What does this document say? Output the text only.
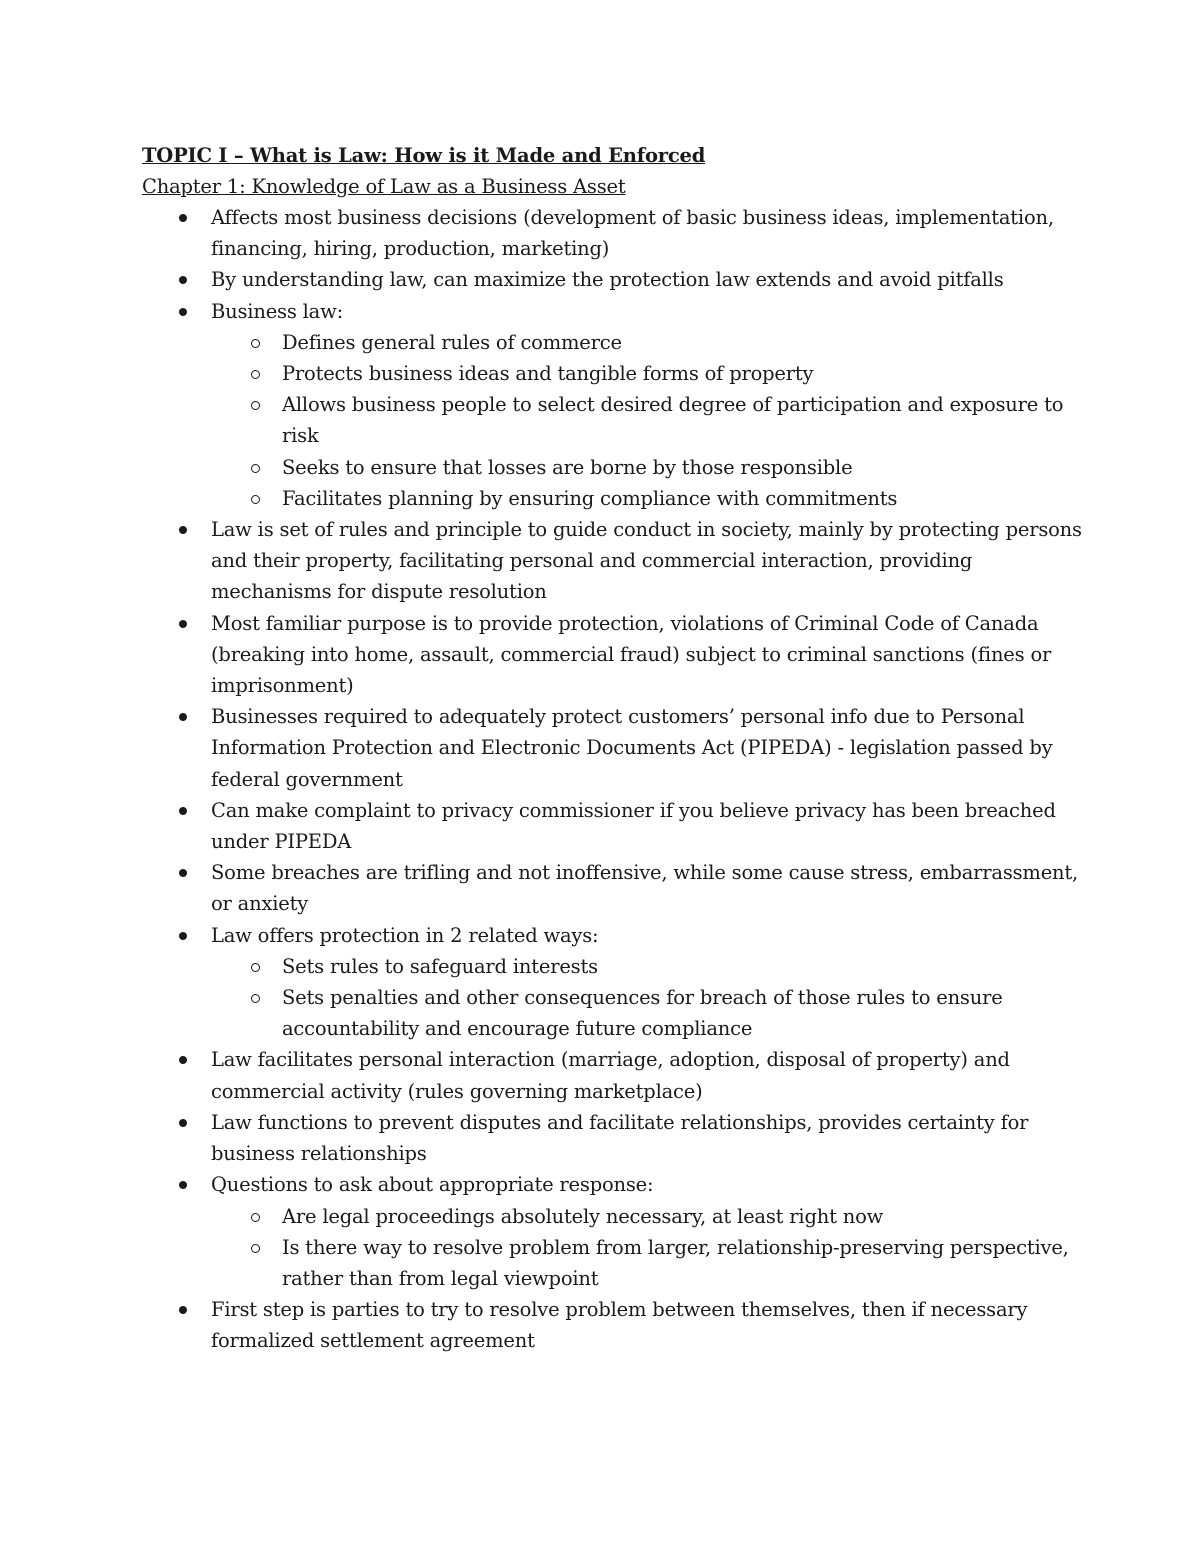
TOPIC I – What is Law: How is it Made and Enforced

Chapter 1: Knowledge of Law as a Business Asset

Affects most business decisions (development of basic business ideas, implementation, financing, hiring, production, marketing)
By understanding law, can maximize the protection law extends and avoid pitfalls
Business law:
Defines general rules of commerce
Protects business ideas and tangible forms of property
Allows business people to select desired degree of participation and exposure to risk
Seeks to ensure that losses are borne by those responsible
Facilitates planning by ensuring compliance with commitments
Law is set of rules and principle to guide conduct in society, mainly by protecting persons and their property, facilitating personal and commercial interaction, providing mechanisms for dispute resolution
Most familiar purpose is to provide protection, violations of Criminal Code of Canada (breaking into home, assault, commercial fraud) subject to criminal sanctions (fines or imprisonment)
Businesses required to adequately protect customers’ personal info due to Personal Information Protection and Electronic Documents Act (PIPEDA) - legislation passed by federal government
Can make complaint to privacy commissioner if you believe privacy has been breached under PIPEDA
Some breaches are trifling and not inoffensive, while some cause stress, embarrassment, or anxiety
Law offers protection in 2 related ways:
Sets rules to safeguard interests
Sets penalties and other consequences for breach of those rules to ensure accountability and encourage future compliance
Law facilitates personal interaction (marriage, adoption, disposal of property) and commercial activity (rules governing marketplace)
Law functions to prevent disputes and facilitate relationships, provides certainty for business relationships
Questions to ask about appropriate response:
Are legal proceedings absolutely necessary, at least right now
Is there way to resolve problem from larger, relationship-preserving perspective, rather than from legal viewpoint
First step is parties to try to resolve problem between themselves, then if necessary formalized settlement agreement
